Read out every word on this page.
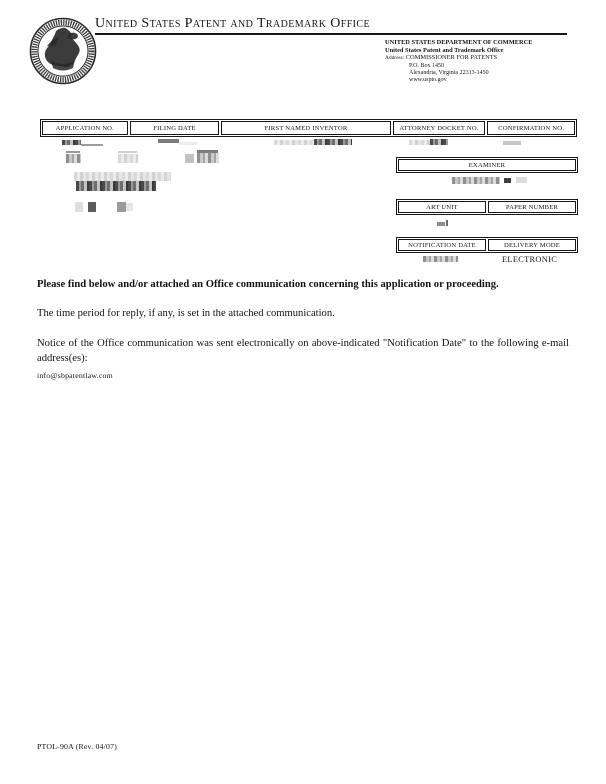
United States Patent and Trademark Office
UNITED STATES DEPARTMENT OF COMMERCE
United States Patent and Trademark Office
Address: COMMISSIONER FOR PATENTS
P.O. Box 1450
Alexandria, Virginia 22313-1450
www.uspto.gov
APPLICATION NO.	FILING DATE	FIRST NAMED INVENTOR	ATTORNEY DOCKET NO.	CONFIRMATION NO.
EXAMINER
ART UNIT	PAPER NUMBER
NOTIFICATION DATE	DELIVERY MODE
ELECTRONIC
Please find below and/or attached an Office communication concerning this application or proceeding.
The time period for reply, if any, is set in the attached communication.
Notice of the Office communication was sent electronically on above-indicated "Notification Date" to the following e-mail address(es):
info@sbpatentlaw.com
PTOL-90A (Rev. 04/07)
